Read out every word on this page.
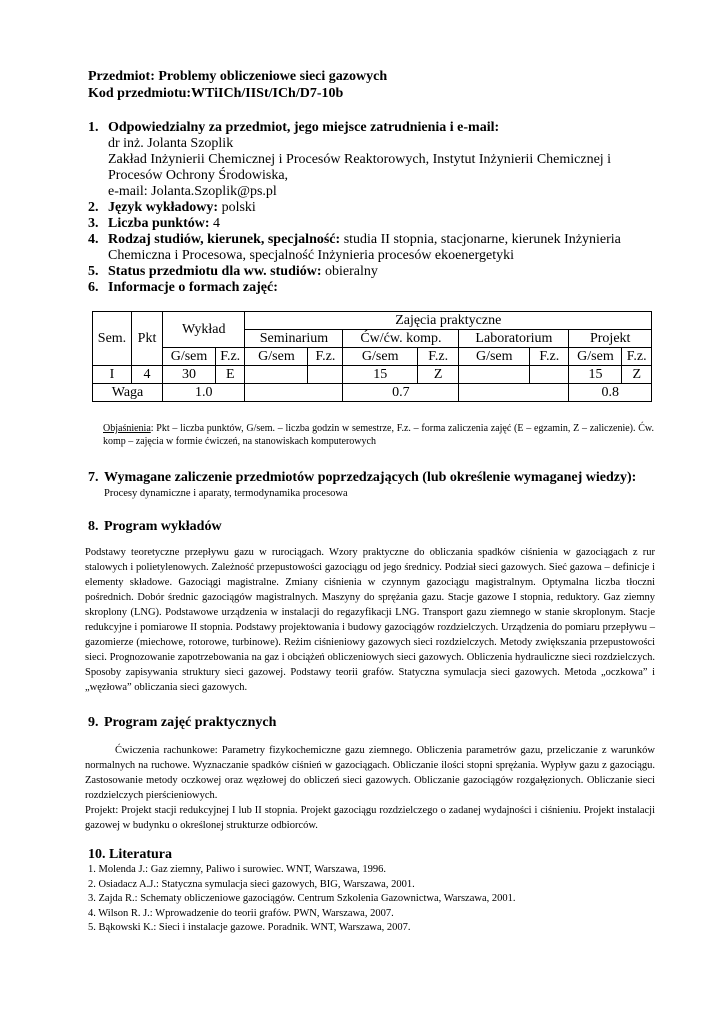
Przedmiot: Problemy obliczeniowe sieci gazowych
Kod przedmiotu:WTiICh/IISt/ICh/D7-10b
1. Odpowiedzialny za przedmiot, jego miejsce zatrudnienia i e-mail:
dr inż. Jolanta Szoplik
Zakład Inżynierii Chemicznej i Procesów Reaktorowych, Instytut Inżynierii Chemicznej i Procesów Ochrony Środowiska,
e-mail: Jolanta.Szoplik@ps.pl
2. Język wykładowy: polski
3. Liczba punktów: 4
4. Rodzaj studiów, kierunek, specjalność: studia II stopnia, stacjonarne, kierunek Inżynieria Chemiczna i Procesowa, specjalność Inżynieria procesów ekoenergetyki
5. Status przedmiotu dla ww. studiów: obieralny
6. Informacje o formach zajęć:
Sem.	Pkt	Wykład		Zajęcia praktyczne							
				Seminarium		Ćw/ćw. komp.		Laboratorium		Projekt	
		G/sem	F.z.	G/sem	F.z.	G/sem	F.z.	G/sem	F.z.	G/sem	F.z.
I	4	30	E			15	Z			15	Z
Waga		1.0				0.7				0.8	
Objaśnienia: Pkt – liczba punktów, G/sem. – liczba godzin w semestrze, F.z. – forma zaliczenia zajęć (E – egzamin, Z – zaliczenie). Ćw. komp – zajęcia w formie ćwiczeń, na stanowiskach komputerowych
7. Wymagane zaliczenie przedmiotów poprzedzających (lub określenie wymaganej wiedzy):
Procesy dynamiczne i aparaty, termodynamika procesowa
8. Program wykładów
Podstawy teoretyczne przepływu gazu w rurociągach. Wzory praktyczne do obliczania spadków ciśnienia w gazociągach z rur stalowych i polietylenowych. Zależność przepustowości gazociągu od jego średnicy. Podział sieci gazowych. Sieć gazowa – definicje i elementy składowe. Gazociągi magistralne. Zmiany ciśnienia w czynnym gazociągu magistralnym. Optymalna liczba tłoczni pośrednich. Dobór średnic gazociągów magistralnych. Maszyny do sprężania gazu. Stacje gazowe I stopnia, reduktory. Gaz ziemny skroplony (LNG). Podstawowe urządzenia w instalacji do regazyfikacji LNG. Transport gazu ziemnego w stanie skroplonym. Stacje redukcyjne i pomiarowe II stopnia. Podstawy projektowania i budowy gazociągów rozdzielczych. Urządzenia do pomiaru przepływu – gazomierze (miechowe, rotorowe, turbinowe). Reżim ciśnieniowy gazowych sieci rozdzielczych. Metody zwiększania przepustowości sieci. Prognozowanie zapotrzebowania na gaz i obciążeń obliczeniowych sieci gazowych. Obliczenia hydrauliczne sieci rozdzielczych. Sposoby zapisywania struktury sieci gazowej. Podstawy teorii grafów. Statyczna symulacja sieci gazowych. Metoda „oczkowa” i „węzłowa” obliczania sieci gazowych.
9. Program zajęć praktycznych
Ćwiczenia rachunkowe: Parametry fizykochemiczne gazu ziemnego. Obliczenia parametrów gazu, przeliczanie z warunków normalnych na ruchowe. Wyznaczanie spadków ciśnień w gazociągach. Obliczanie ilości stopni sprężania. Wypływ gazu z gazociągu. Zastosowanie metody oczkowej oraz węzłowej do obliczeń sieci gazowych. Obliczanie gazociągów rozgałęzionych. Obliczanie sieci rozdzielczych pierścieniowych.
Projekt: Projekt stacji redukcyjnej I lub II stopnia. Projekt gazociągu rozdzielczego o zadanej wydajności i ciśnieniu. Projekt instalacji gazowej w budynku o określonej strukturze odbiorców.
10. Literatura
1. Molenda J.: Gaz ziemny, Paliwo i surowiec. WNT, Warszawa, 1996.
2. Osiadacz A.J.: Statyczna symulacja sieci gazowych, BIG, Warszawa, 2001.
3. Zajda R.: Schematy obliczeniowe gazociągów. Centrum Szkolenia Gazownictwa, Warszawa, 2001.
4. Wilson R. J.: Wprowadzenie do teorii grafów. PWN, Warszawa, 2007.
5. Bąkowski K.: Sieci i instalacje gazowe. Poradnik. WNT, Warszawa, 2007.
